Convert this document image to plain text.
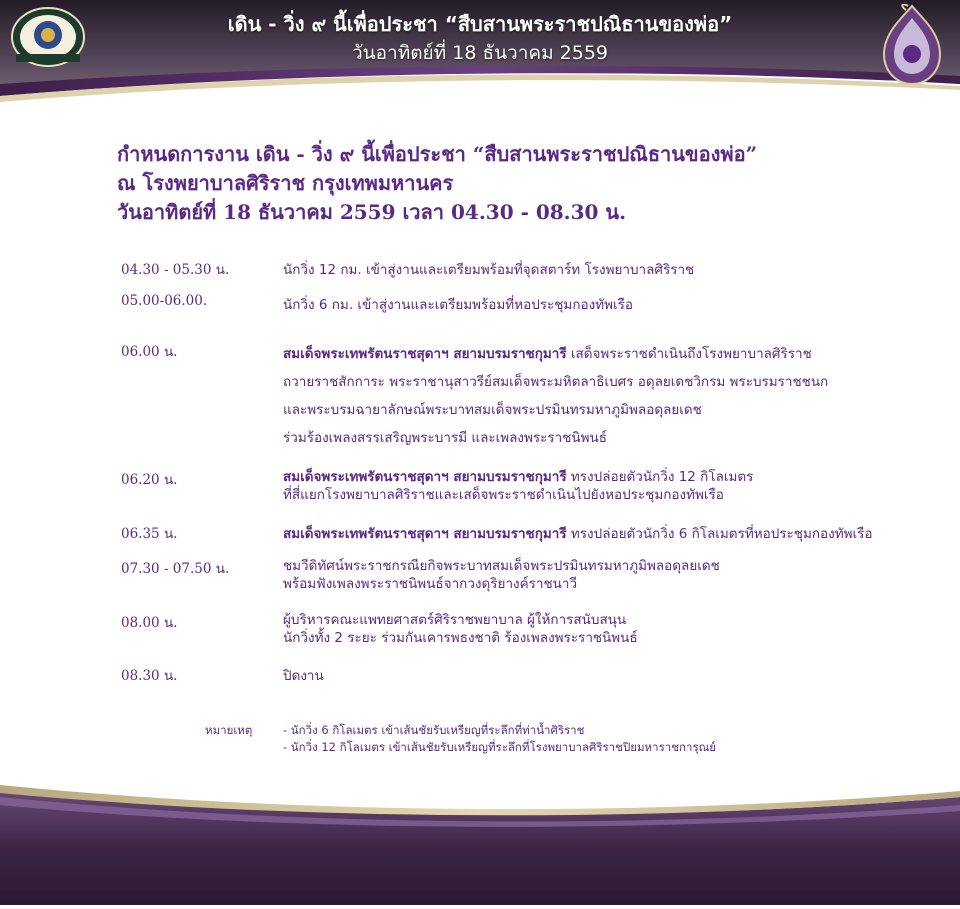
เดิน - วิ่ง ๙ นี้เพื่อประชา “สืบสานพระราชปณิธานของพ่อ”
วันอาทิตย์ที่ 18 ธันวาคม 2559
กำหนดการงาน เดิน - วิ่ง ๙ นี้เพื่อประชา “สืบสานพระราชปณิธานของพ่อ”
ณ โรงพยาบาลศิริราช กรุงเทพมหานคร
วันอาทิตย์ที่ 18 ธันวาคม 2559 เวลา 04.30 - 08.30 น.
04.30 - 05.30 น.	นักวิ่ง 12 กม. เข้าสู่งานและเตรียมพร้อมที่จุดสตาร์ท โรงพยาบาลศิริราช
05.00-06.00.	นักวิ่ง 6 กม. เข้าสู่งานและเตรียมพร้อมที่หอประชุมกองทัพเรือ
06.00 น.	สมเด็จพระเทพรัตนราชสุดาฯ สยามบรมราชกุมารี เสด็จพระราชดำเนินถึงโรงพยาบาลศิริราช
ถวายราชสักการะ พระราชานุสาวรีย์สมเด็จพระมหิตลาธิเบศร อดุลยเดชวิกรม พระบรมราชชนก
และพระบรมฉายาลักษณ์พระบาทสมเด็จพระปรมินทรมหาภูมิพลอดุลยเดช
ร่วมร้องเพลงสรรเสริญพระบารมี และเพลงพระราชนิพนธ์
06.20 น.	สมเด็จพระเทพรัตนราชสุดาฯ สยามบรมราชกุมารี ทรงปล่อยตัวนักวิ่ง 12 กิโลเมตร
ที่สี่แยกโรงพยาบาลศิริราชและเสด็จพระราชดำเนินไปยังหอประชุมกองทัพเรือ
06.35 น.	สมเด็จพระเทพรัตนราชสุดาฯ สยามบรมราชกุมารี ทรงปล่อยตัวนักวิ่ง 6 กิโลเมตรที่หอประชุมกองทัพเรือ
07.30 - 07.50 น.	ชมวีดิทัศน์พระราชกรณียกิจพระบาทสมเด็จพระปรมินทรมหาภูมิพลอดุลยเดช
พร้อมฟังเพลงพระราชนิพนธ์จากวงดุริยางค์ราชนาวี
08.00 น.	ผู้บริหารคณะแพทยศาสตร์ศิริราชพยาบาล ผู้ให้การสนับสนุน
นักวิ่งทั้ง 2 ระยะ ร่วมกันเคารพธงชาติ ร้องเพลงพระราชนิพนธ์
08.30 น.	ปิดงาน
หมายเหตุ	- นักวิ่ง 6 กิโลเมตร เข้าเส้นชัยรับเหรียญที่ระลึกที่ท่าน้ำศิริราช
- นักวิ่ง 12 กิโลเมตร เข้าเส้นชัยรับเหรียญที่ระลึกที่โรงพยาบาลศิริราชปิยมหาราชการุณย์
